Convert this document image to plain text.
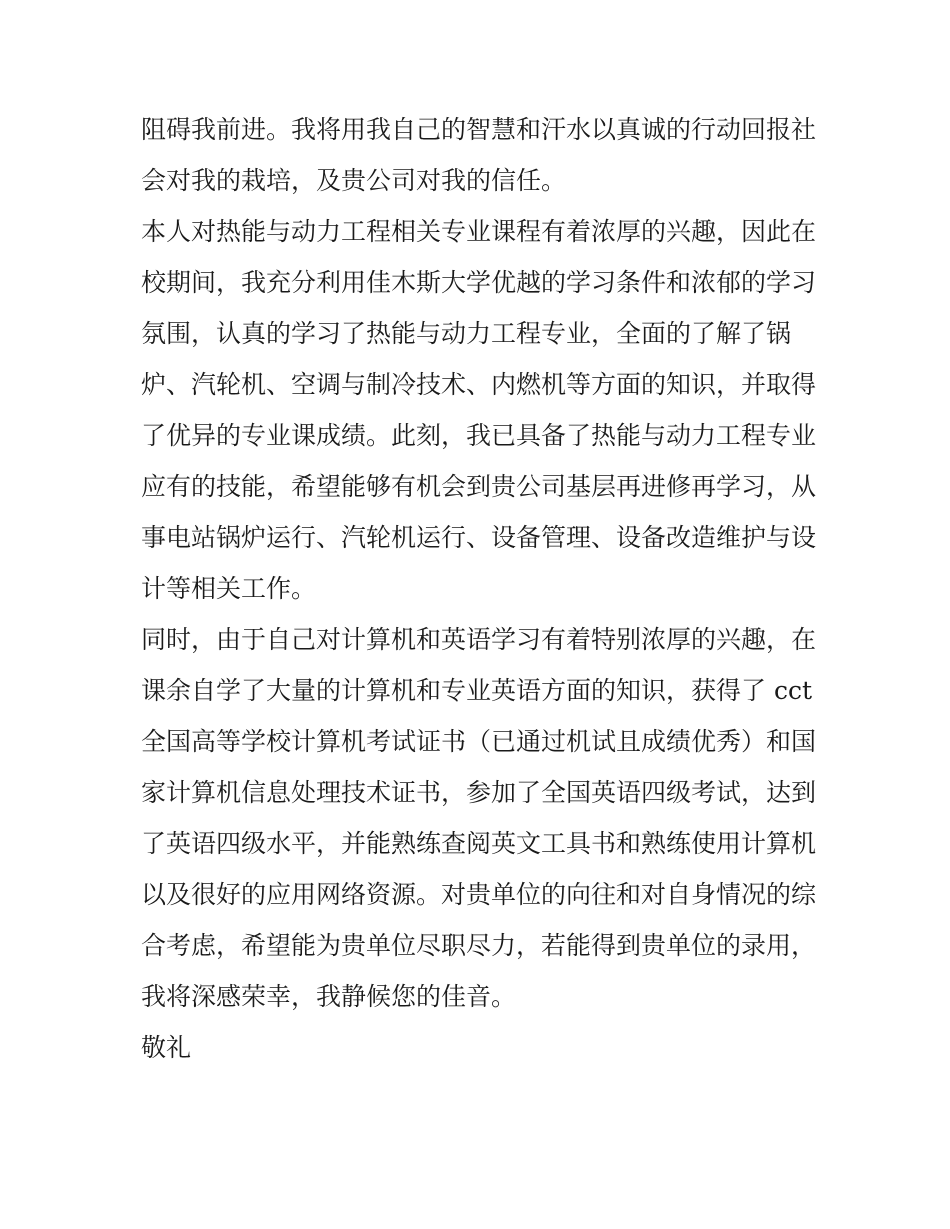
阻碍我前进。我将用我自己的智慧和汗水以真诚的行动回报社
会对我的栽培，及贵公司对我的信任。
本人对热能与动力工程相关专业课程有着浓厚的兴趣，因此在
校期间，我充分利用佳木斯大学优越的学习条件和浓郁的学习
氛围，认真的学习了热能与动力工程专业，全面的了解了锅
炉、汽轮机、空调与制冷技术、内燃机等方面的知识，并取得
了优异的专业课成绩。此刻，我已具备了热能与动力工程专业
应有的技能，希望能够有机会到贵公司基层再进修再学习，从
事电站锅炉运行、汽轮机运行、设备管理、设备改造维护与设
计等相关工作。
同时，由于自己对计算机和英语学习有着特别浓厚的兴趣，在
课余自学了大量的计算机和专业英语方面的知识，获得了 cct
全国高等学校计算机考试证书（已通过机试且成绩优秀）和国
家计算机信息处理技术证书，参加了全国英语四级考试，达到
了英语四级水平，并能熟练查阅英文工具书和熟练使用计算机
以及很好的应用网络资源。对贵单位的向往和对自身情况的综
合考虑，希望能为贵单位尽职尽力，若能得到贵单位的录用，
我将深感荣幸，我静候您的佳音。
敬礼
